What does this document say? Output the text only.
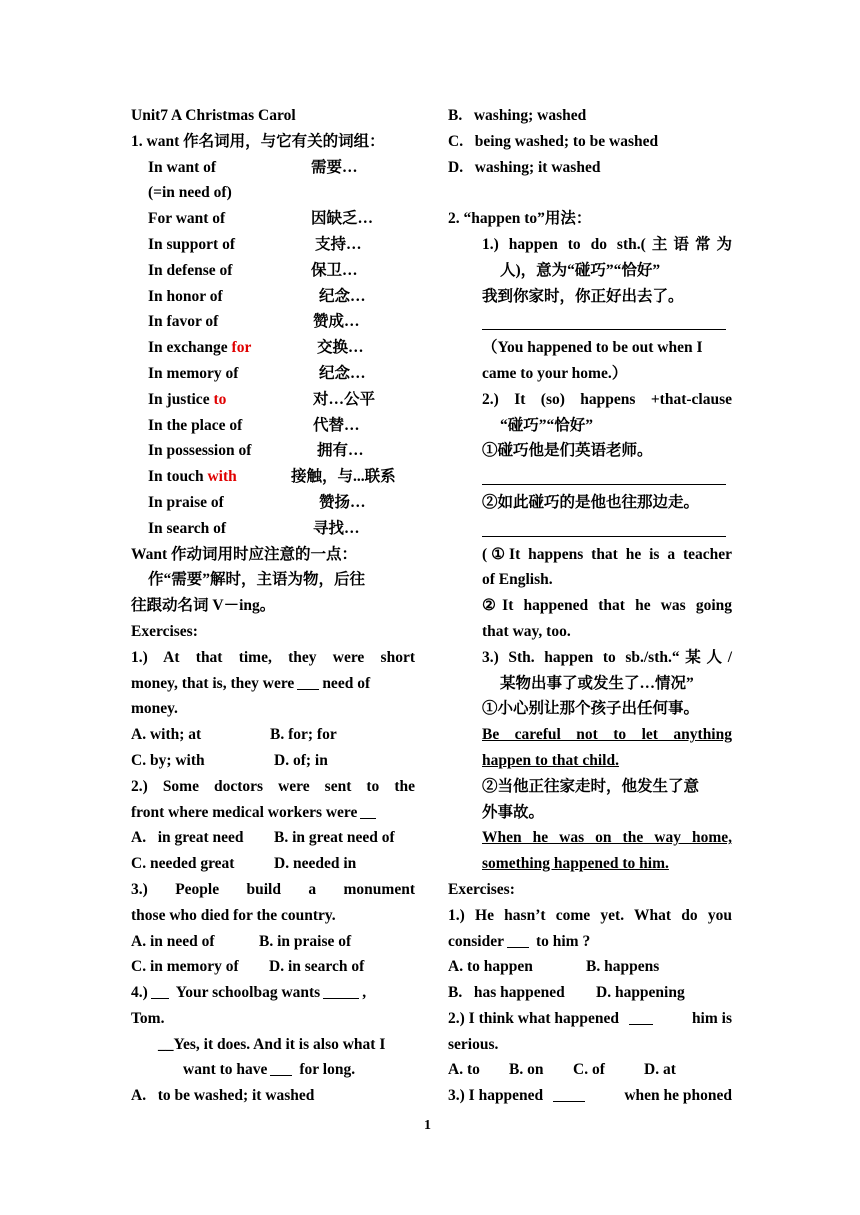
Unit7 A Christmas Carol
1. want 作名词用，与它有关的词组：
In want of	需要…
(=in need of)
For want of	因缺乏…
In support of	支持…
In defense of	保卫…
In honor of	纪念…
In favor of	赞成…
In exchange for	交换…
In memory of	纪念…
In justice to	对…公平
In the place of	代替…
In possession of	拥有…
In touch with	接触，与...联系
In praise of	赞扬…
In search of	寻找…
Want 作动词用时应注意的一点：
作“需要”解时，主语为物，后往
往跟动名词 V－ing。
Exercises:
1.) At that time, they were short
money, that is, they were need of
money.
A. with; at	B. for; for
C. by; with	D. of; in
2.) Some doctors were sent to the
front where medical workers were
A.   in great need B. in great need of
C. needed great	D. needed in
3.) People build a monument
those who died for the country.
A. in need of	B. in praise of
C. in memory of D. in search of
4.) Your schoolbag wants	,
Tom.
__Yes, it does. And it is also what I
want to have for long.
A.   to be washed; it washed
B.   washing; washed
C.   being washed; to be washed
D.   washing; it washed
2. “happen to”用法：
1.) happen to do sth.(主语常为
人)，意为“碰巧”“恰好”
我到你家时，你正好出去了。
（You happened to be out when I
came to your home.）
2.) It (so) happens +that-clause
“碰巧”“恰好”
①碰巧他是们英语老师。
②如此碰巧的是他也往那边走。
(①It happens that he is a teacher
of English.
②It happened that he was going
that way, too.
3.) Sth. happen to sb./sth.“某人/
某物出事了或发生了…情况”
①小心别让那个孩子出任何事。
Be careful not to let anything
happen to that child.
②当他正往家走时，他发生了意
外事故。
When he was on the way home,
something happened to him.
Exercises:
1.) He hasn’t come yet. What do you
consider to him ?
A. to happen	B. happens
B.   has happened D. happening
2.) I think what happened	him is
serious.
A. to B. on C. of	D. at
3.) I happened	when he phoned
1
